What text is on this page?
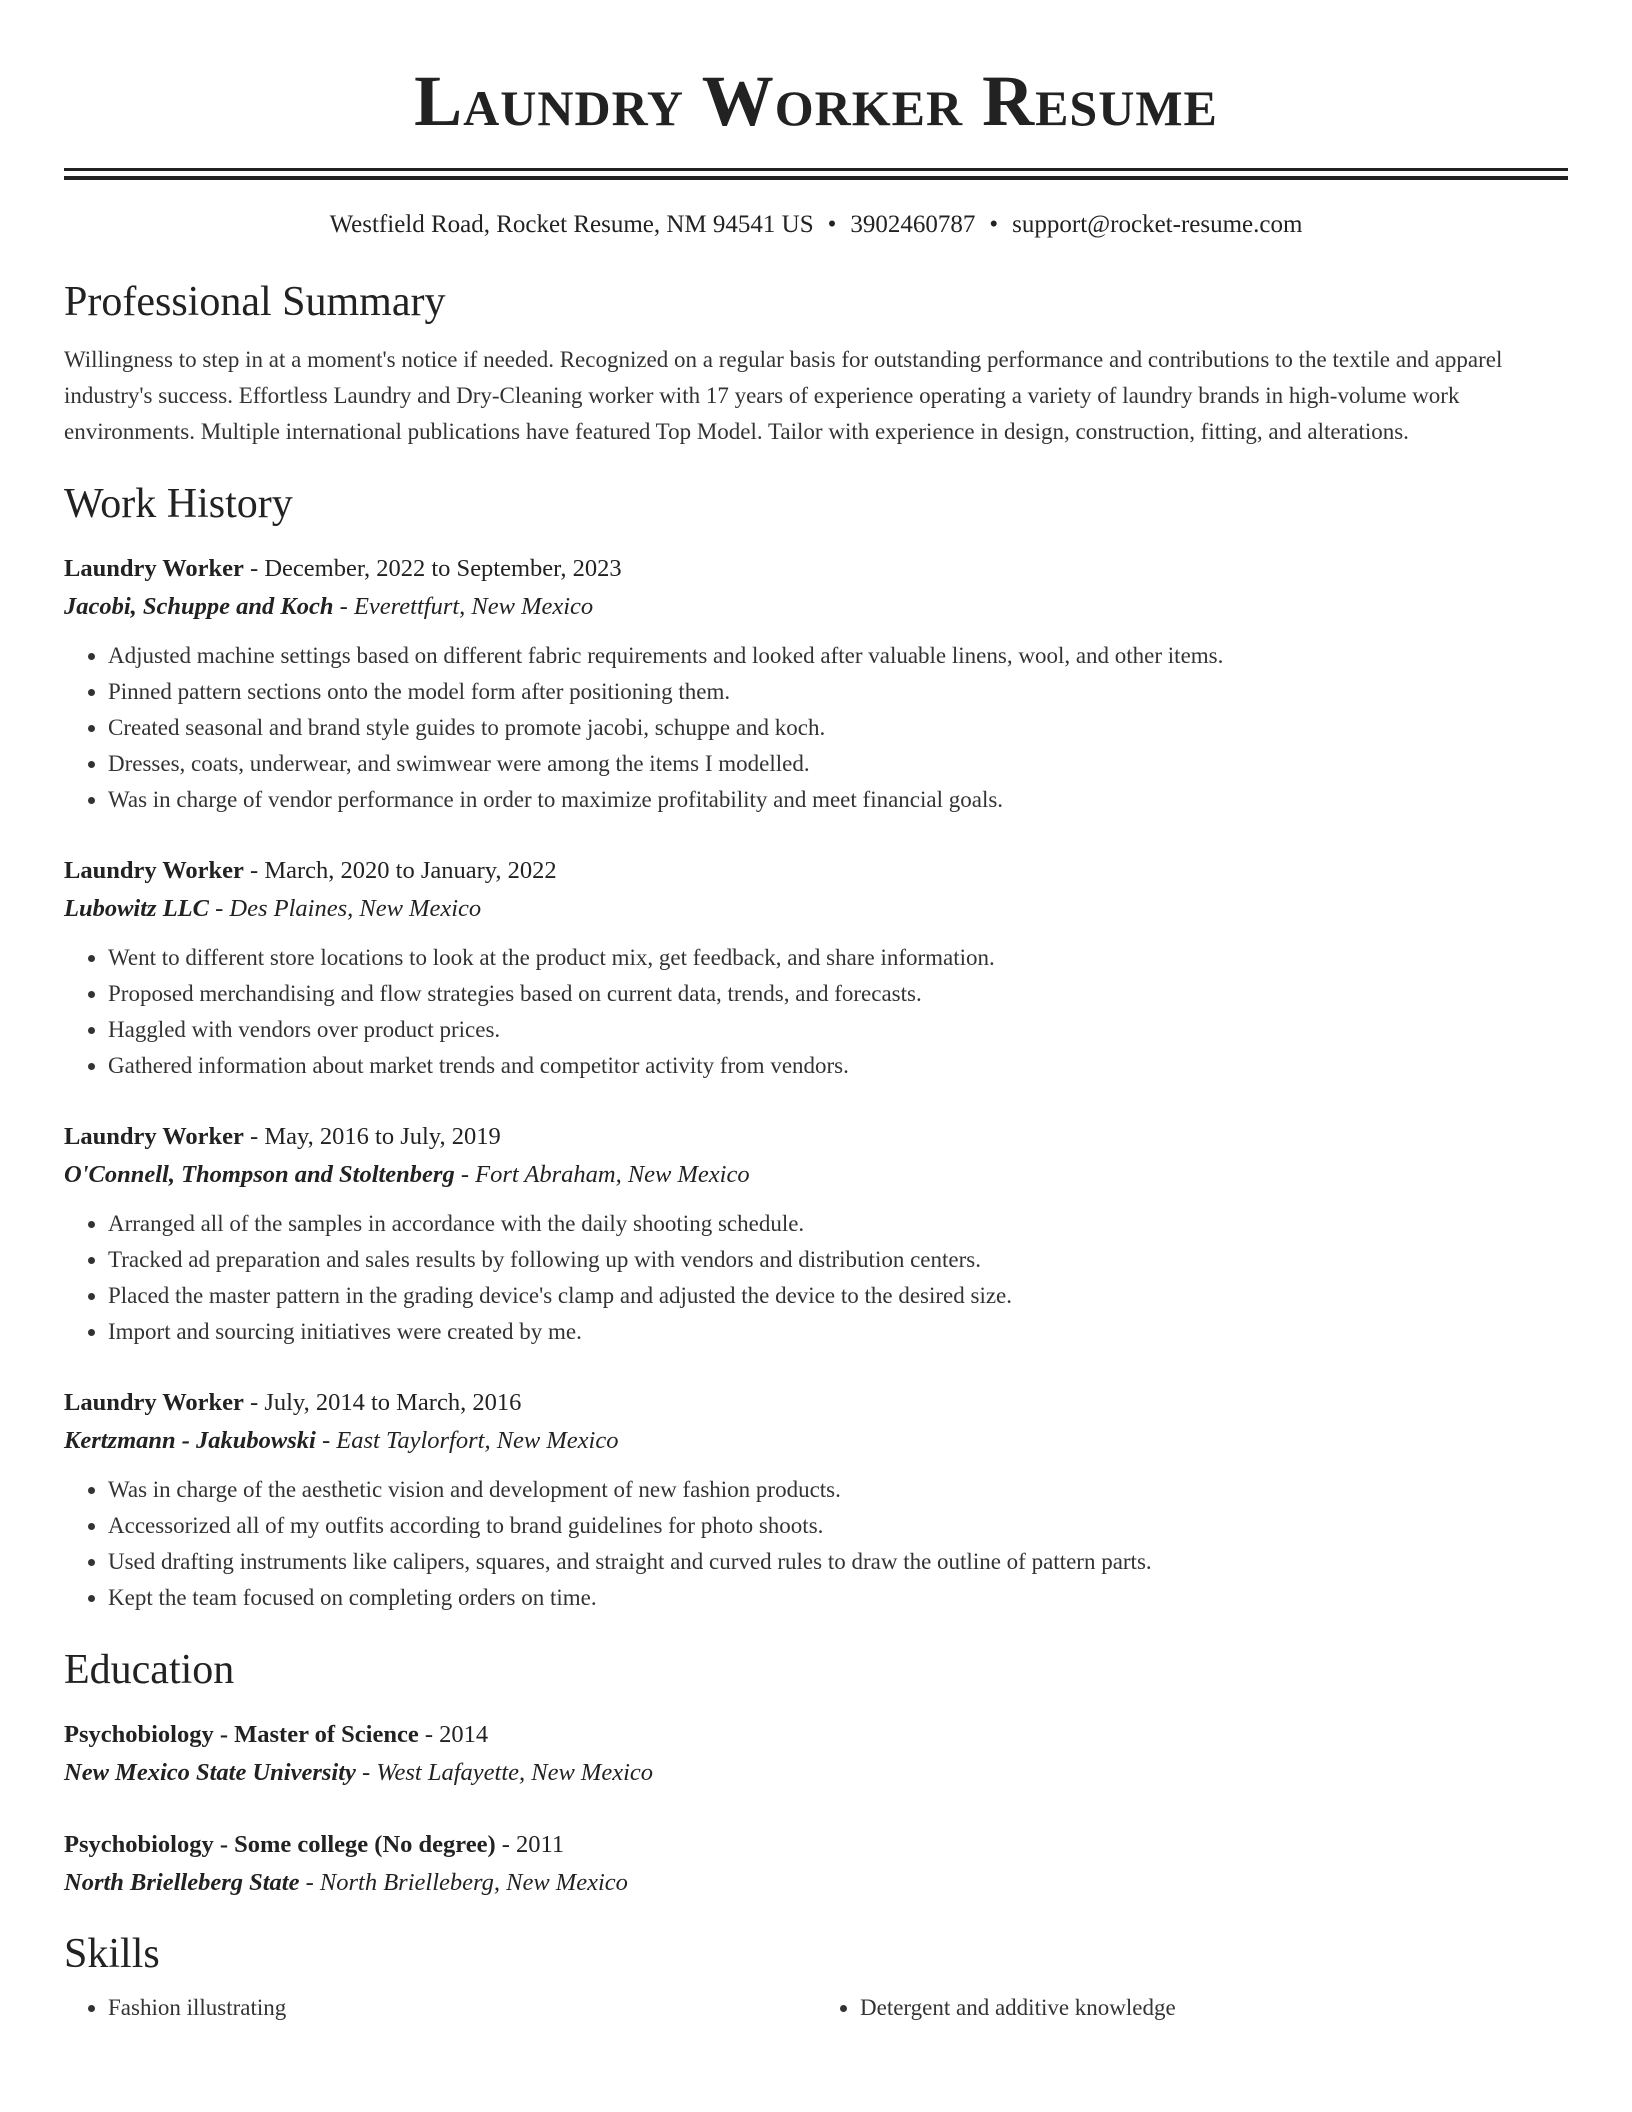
Laundry Worker Resume
Westfield Road, Rocket Resume, NM 94541 US • 3902460787 • support@rocket-resume.com
Professional Summary

Willingness to step in at a moment's notice if needed. Recognized on a regular basis for outstanding performance and contributions to the textile and apparel industry's success. Effortless Laundry and Dry-Cleaning worker with 17 years of experience operating a variety of laundry brands in high-volume work environments. Multiple international publications have featured Top Model. Tailor with experience in design, construction, fitting, and alterations.

Work History
Laundry Worker - December, 2022 to September, 2023
Jacobi, Schuppe and Koch - Everettfurt, New Mexico
• Adjusted machine settings based on different fabric requirements and looked after valuable linens, wool, and other items.
• Pinned pattern sections onto the model form after positioning them.
• Created seasonal and brand style guides to promote jacobi, schuppe and koch.
• Dresses, coats, underwear, and swimwear were among the items I modelled.
• Was in charge of vendor performance in order to maximize profitability and meet financial goals.
Laundry Worker - March, 2020 to January, 2022
Lubowitz LLC - Des Plaines, New Mexico
• Went to different store locations to look at the product mix, get feedback, and share information.
• Proposed merchandising and flow strategies based on current data, trends, and forecasts.
• Haggled with vendors over product prices.
• Gathered information about market trends and competitor activity from vendors.
Laundry Worker - May, 2016 to July, 2019
O'Connell, Thompson and Stoltenberg - Fort Abraham, New Mexico
• Arranged all of the samples in accordance with the daily shooting schedule.
• Tracked ad preparation and sales results by following up with vendors and distribution centers.
• Placed the master pattern in the grading device's clamp and adjusted the device to the desired size.
• Import and sourcing initiatives were created by me.
Laundry Worker - July, 2014 to March, 2016
Kertzmann - Jakubowski - East Taylorfort, New Mexico
• Was in charge of the aesthetic vision and development of new fashion products.
• Accessorized all of my outfits according to brand guidelines for photo shoots.
• Used drafting instruments like calipers, squares, and straight and curved rules to draw the outline of pattern parts.
• Kept the team focused on completing orders on time.
Education
Psychobiology - Master of Science - 2014
New Mexico State University - West Lafayette, New Mexico
Psychobiology - Some college (No degree) - 2011
North Brielleberg State - North Brielleberg, New Mexico
Skills
• Fashion illustrating
•	Detergent and additive knowledge
